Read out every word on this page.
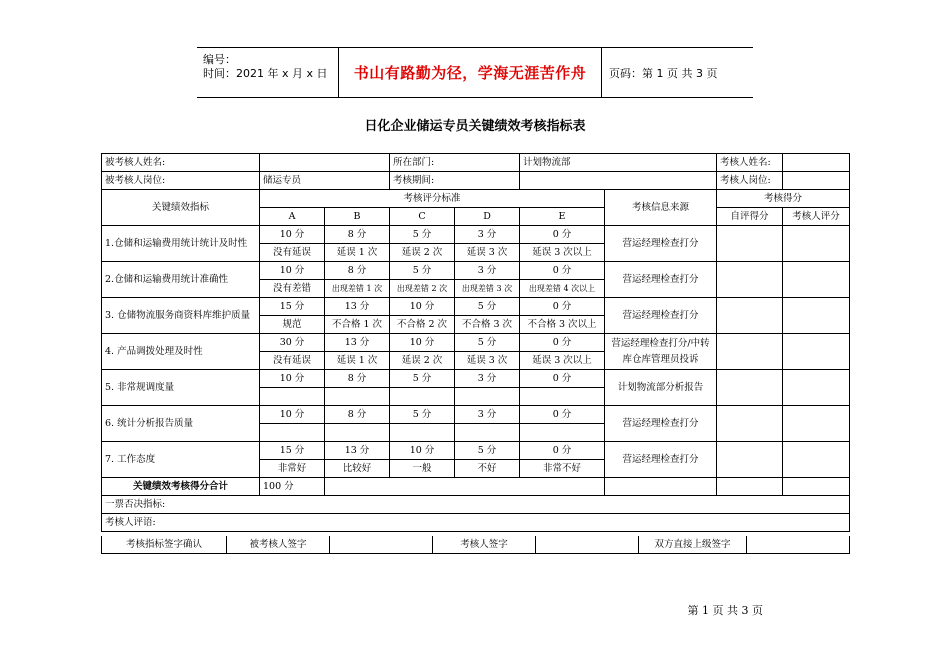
编号：
时间：2021 年 x 月 x 日 书山有路勤为径，学海无涯苦作舟 页码：第 1 页 共 3 页
日化企业储运专员关键绩效考核指标表
被考核人姓名:			所在部门:		计划物流部		考核人姓名:	
被考核人岗位:	储运专员		考核期间:				考核人岗位:	
关键绩效指标	考核评分标准					考核信息来源	考核得分	
	A	B	C	D	E		自评得分	考核人评分
1.仓储和运输费用统计统计及时性	10 分	8 分	5 分	3 分	0 分	营运经理检查打分		
	没有延误	延误 1 次	延误 2 次	延误 3 次	延误 3 次以上			
2.仓储和运输费用统计准确性	10 分	8 分	5 分	3 分	0 分	营运经理检查打分		
	没有差错	出现差错 1 次	出现差错 2 次	出现差错 3 次	出现差错 4 次以上			
3. 仓储物流服务商资料库维护质量	15 分	13 分	10 分	5 分	0 分	营运经理检查打分		
	规范	不合格 1 次	不合格 2 次	不合格 3 次	不合格 3 次以上			
4. 产品调拨处理及时性	30 分	13 分	10 分	5 分	0 分	营运经理检查打分/中转库仓库管理员投诉		
	没有延误	延误 1 次	延误 2 次	延误 3 次	延误 3 次以上			
5. 非常规调度量	10 分	8 分	5 分	3 分	0 分	计划物流部分析报告		

6. 统计分析报告质量	10 分	8 分	5 分	3 分	0 分	营运经理检查打分		

7. 工作态度	15 分	13 分	10 分	5 分	0 分	营运经理检查打分		
	非常好	比较好	一般	不好	非常不好			
关键绩效考核得分合计	100 分							
一票否决指标:								
考核人评语:								
考核指标签字确认	被考核人签字		考核人签字		双方直接上级签字	
第 1 页 共 3 页
